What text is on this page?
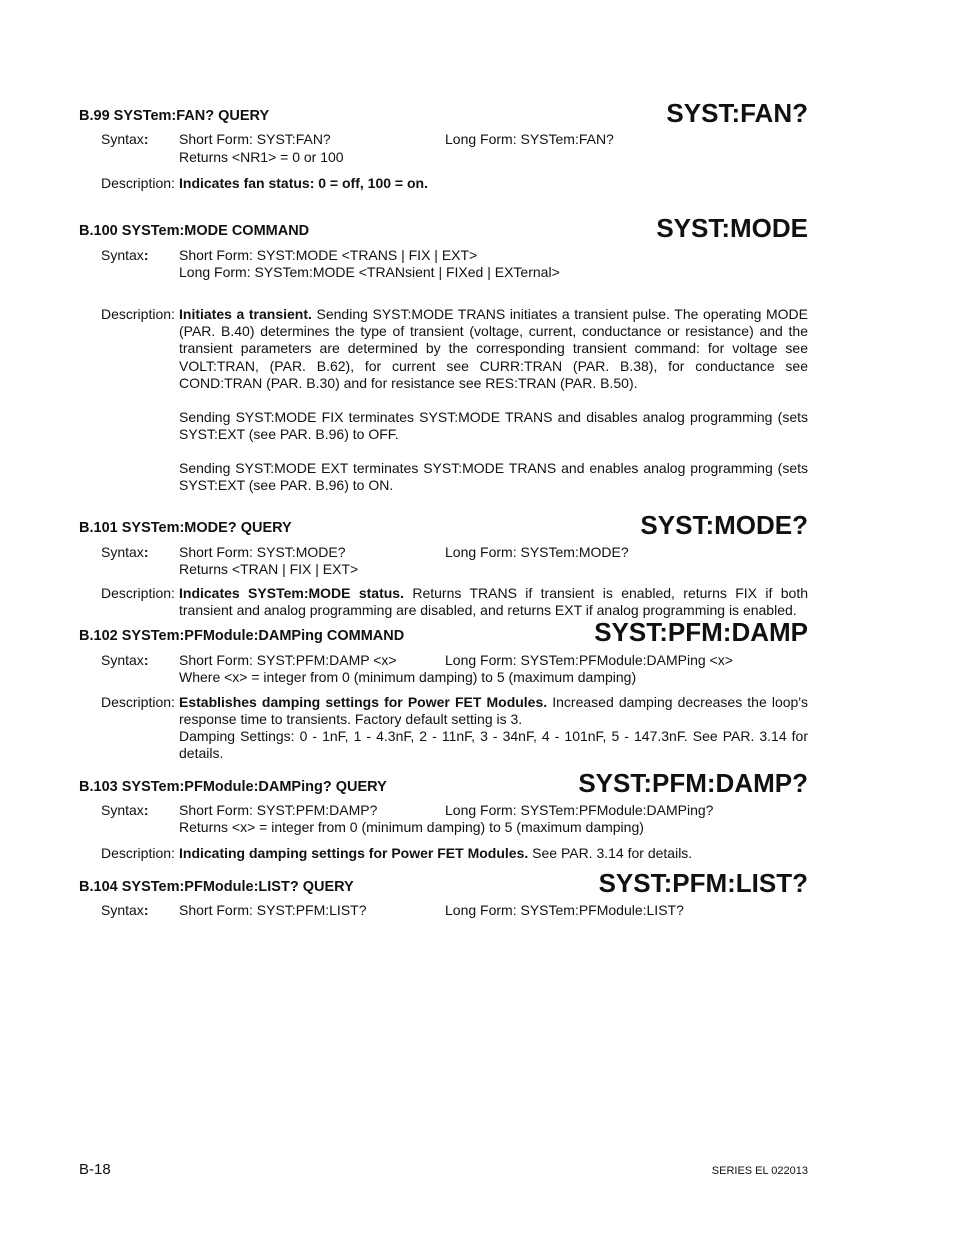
B.99 SYSTem:FAN? QUERY	SYST:FAN?
Syntax: Short Form: SYST:FAN?	Long Form: SYSTem:FAN?
Returns <NR1> = 0 or 100
Description: Indicates fan status: 0 = off, 100 = on.
B.100 SYSTem:MODE COMMAND	SYST:MODE
Syntax: Short Form: SYST:MODE <TRANS | FIX | EXT>
Long Form: SYSTem:MODE <TRANsient | FIXed | EXTernal>
Description: Initiates a transient. Sending SYST:MODE TRANS initiates a transient pulse. The operating MODE (PAR. B.40) determines the type of transient (voltage, current, conductance or resistance) and the transient parameters are determined by the corresponding transient command: for voltage see VOLT:TRAN, (PAR. B.62), for current see CURR:TRAN (PAR. B.38), for conductance see COND:TRAN (PAR. B.30) and for resistance see RES:TRAN (PAR. B.50).
Sending SYST:MODE FIX terminates SYST:MODE TRANS and disables analog programming (sets SYST:EXT (see PAR. B.96) to OFF.
Sending SYST:MODE EXT terminates SYST:MODE TRANS and enables analog programming (sets SYST:EXT (see PAR. B.96) to ON.
B.101 SYSTem:MODE? QUERY	SYST:MODE?
Syntax: Short Form: SYST:MODE?	Long Form: SYSTem:MODE?
Returns <TRAN | FIX | EXT>
Description: Indicates SYSTem:MODE status. Returns TRANS if transient is enabled, returns FIX if both transient and analog programming are disabled, and returns EXT if analog programming is enabled.
B.102 SYSTem:PFModule:DAMPing COMMAND	SYST:PFM:DAMP
Syntax: Short Form: SYST:PFM:DAMP <x>	Long Form: SYSTem:PFModule:DAMPing <x>
Where <x> = integer from 0 (minimum damping) to 5 (maximum damping)
Description: Establishes damping settings for Power FET Modules. Increased damping decreases the loop's response time to transients. Factory default setting is 3.
Damping Settings: 0 - 1nF, 1 - 4.3nF, 2 - 11nF, 3 - 34nF, 4 - 101nF, 5 - 147.3nF. See PAR. 3.14 for details.
B.103 SYSTem:PFModule:DAMPing? QUERY	SYST:PFM:DAMP?
Syntax: Short Form: SYST:PFM:DAMP?	Long Form: SYSTem:PFModule:DAMPing?
Returns <x> = integer from 0 (minimum damping) to 5 (maximum damping)
Description: Indicating damping settings for Power FET Modules. See PAR. 3.14 for details.
B.104 SYSTem:PFModule:LIST? QUERY	SYST:PFM:LIST?
Syntax: Short Form: SYST:PFM:LIST?	Long Form: SYSTem:PFModule:LIST?
B-18	SERIES EL 022013
